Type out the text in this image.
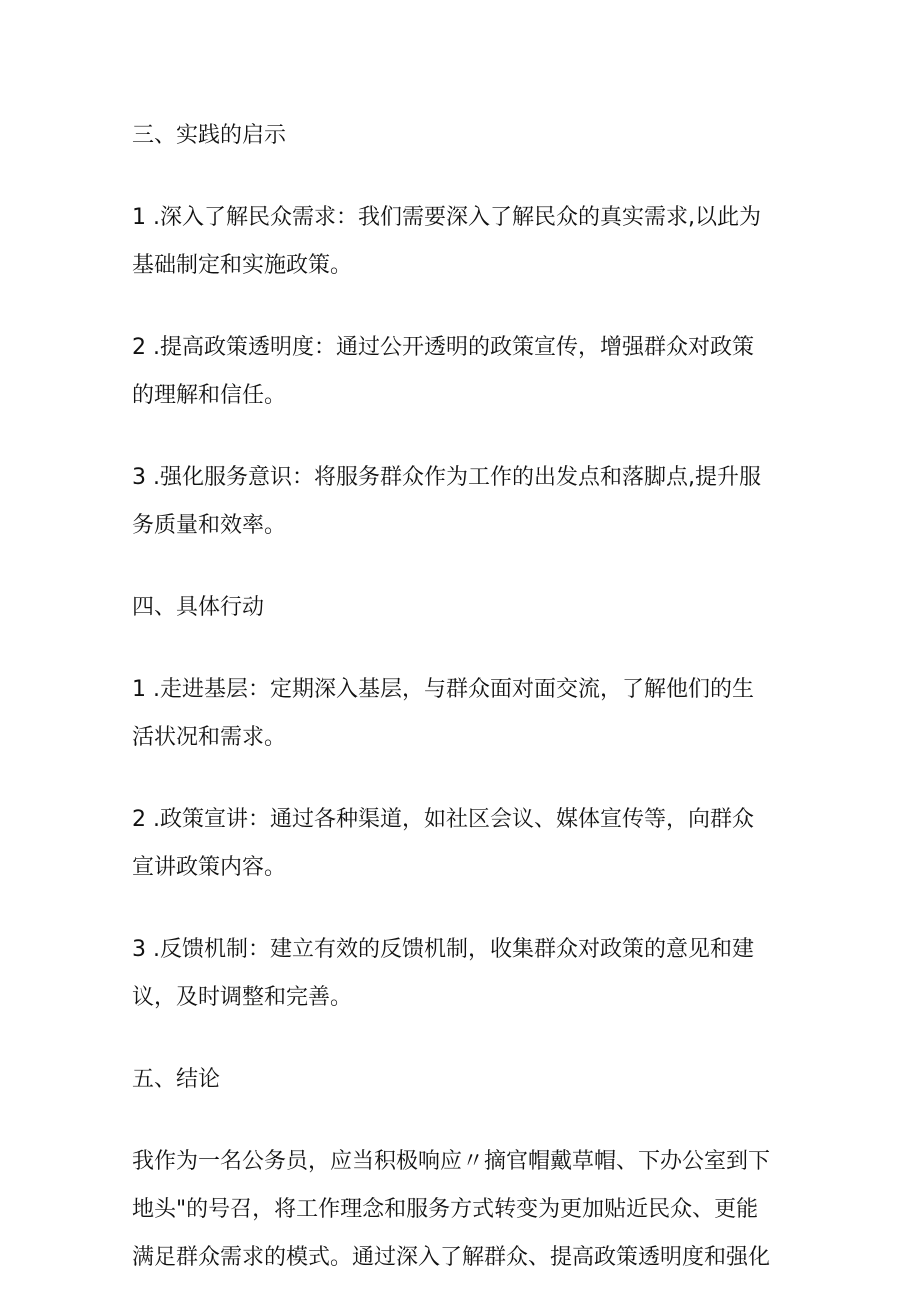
三、实践的启示

1 .深入了解民众需求：我们需要深入了解民众的真实需求,以此为
基础制定和实施政策。

2 .提高政策透明度：通过公开透明的政策宣传，增强群众对政策
的理解和信任。

3 .强化服务意识：将服务群众作为工作的出发点和落脚点,提升服
务质量和效率。

四、具体行动

1 .走进基层：定期深入基层，与群众面对面交流，了解他们的生
活状况和需求。

2 .政策宣讲：通过各种渠道，如社区会议、媒体宣传等，向群众
宣讲政策内容。

3 .反馈机制：建立有效的反馈机制，收集群众对政策的意见和建
议，及时调整和完善。

五、结论

我作为一名公务员，应当积极响应〃摘官帽戴草帽、下办公室到下
地头"的号召，将工作理念和服务方式转变为更加贴近民众、更能
满足群众需求的模式。通过深入了解群众、提高政策透明度和强化
